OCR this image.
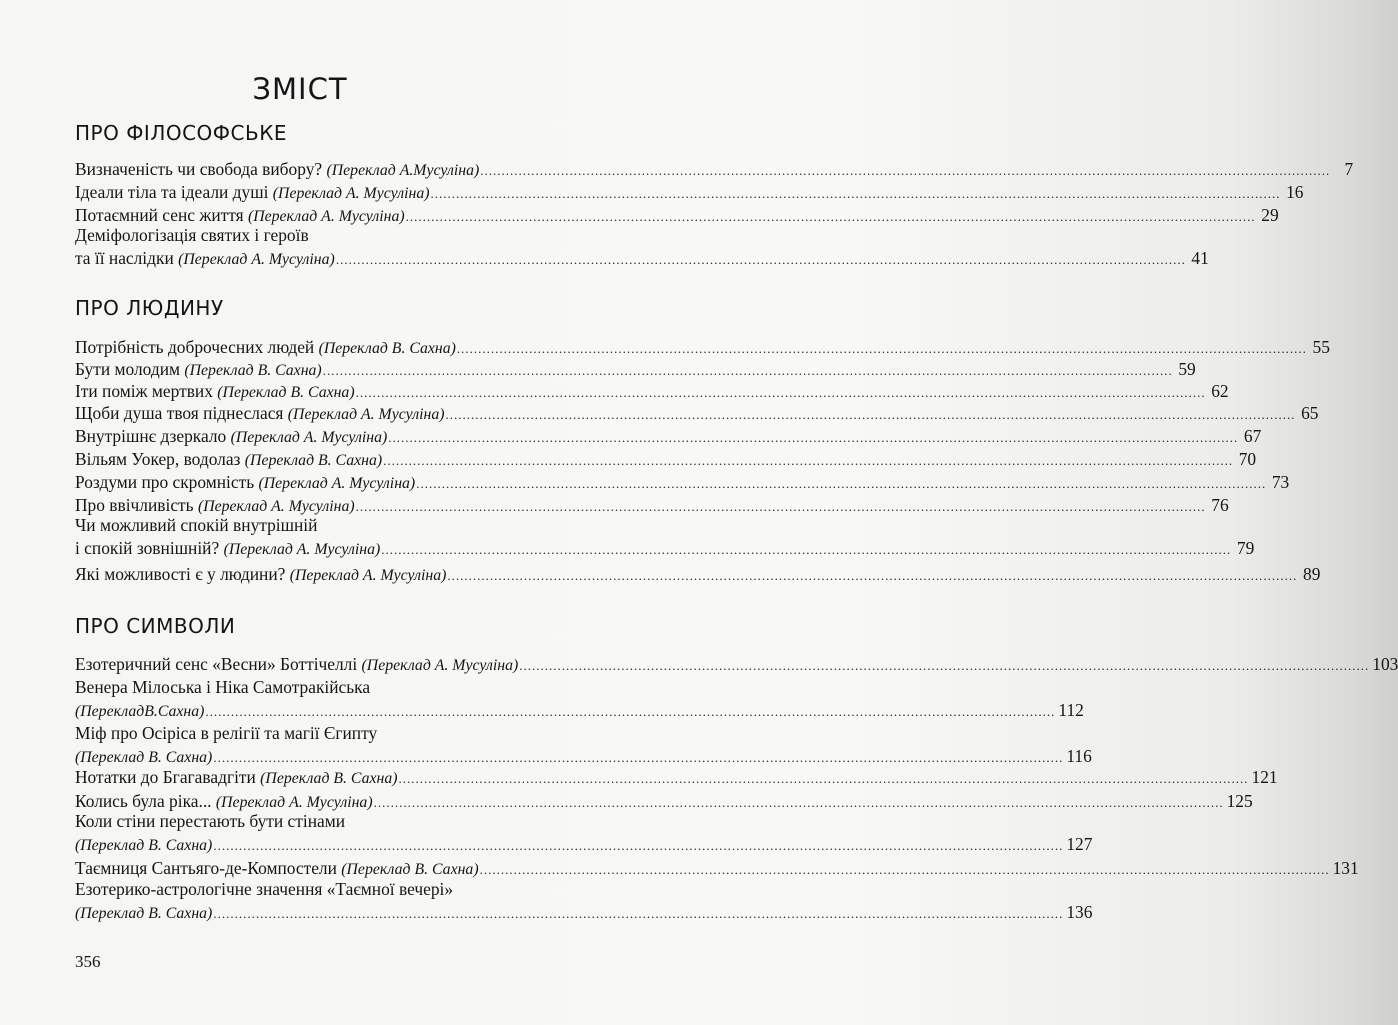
ЗМІСТ
ПРО ФІЛОСОФСЬКЕ
Визначеність чи свобода вибору?
(Переклад А.Мусуліна) ........................................................................................................................................................................................................ 7
Ідеали тіла та ідеали душі
(Переклад А. Мусуліна) ........................................................................................................................................................................................................ 16
Потаємний сенс життя
(Переклад А. Мусуліна) ........................................................................................................................................................................................................ 29
Деміфологізація святих і героїв
та її наслідки
(Переклад А. Мусуліна) ........................................................................................................................................................................................................ 41
ПРО ЛЮДИНУ
Потрібність доброчесних людей
(Переклад В. Сахна) ........................................................................................................................................................................................................ 55
Бути молодим
(Переклад В. Сахна) ........................................................................................................................................................................................................ 59
Іти поміж мертвих
(Переклад В. Сахна) ........................................................................................................................................................................................................ 62
Щоби душа твоя піднеслася
(Переклад А. Мусуліна) ........................................................................................................................................................................................................ 65
Внутрішнє дзеркало
(Переклад А. Мусуліна) ........................................................................................................................................................................................................ 67
Вільям Уокер, водолаз
(Переклад В. Сахна) ........................................................................................................................................................................................................ 70
Роздуми про скромність
(Переклад А. Мусуліна) ........................................................................................................................................................................................................ 73
Про ввічливість
(Переклад А. Мусуліна) ........................................................................................................................................................................................................ 76
Чи можливий спокій внутрішній
і спокій зовнішній?
(Переклад А. Мусуліна) ........................................................................................................................................................................................................ 79
Які можливості є у людини?
(Переклад А. Мусуліна) ........................................................................................................................................................................................................ 89
ПРО СИМВОЛИ
Езотеричний сенс «Весни» Боттічеллі
(Переклад А. Мусуліна) ........................................................................................................................................................................................................ 103
Венера Мілоська і Ніка Самотракійська
(ПерекладВ.Сахна) ........................................................................................................................................................................................................ 112
Міф про Осіріса в релігії та магії Єгипту
(Переклад В. Сахна) ........................................................................................................................................................................................................ 116
Нотатки до Бгагавадгіти
(Переклад В. Сахна) ........................................................................................................................................................................................................ 121
Колись була ріка...
(Переклад А. Мусуліна) ........................................................................................................................................................................................................ 125
Коли стіни перестають бути стінами
(Переклад В. Сахна) ........................................................................................................................................................................................................ 127
Таємниця Сантьяго-де-Компостели
(Переклад В. Сахна) ........................................................................................................................................................................................................ 131
Езотерико-астрологічне значення «Таємної вечері»
(Переклад В. Сахна) ........................................................................................................................................................................................................ 136
356
